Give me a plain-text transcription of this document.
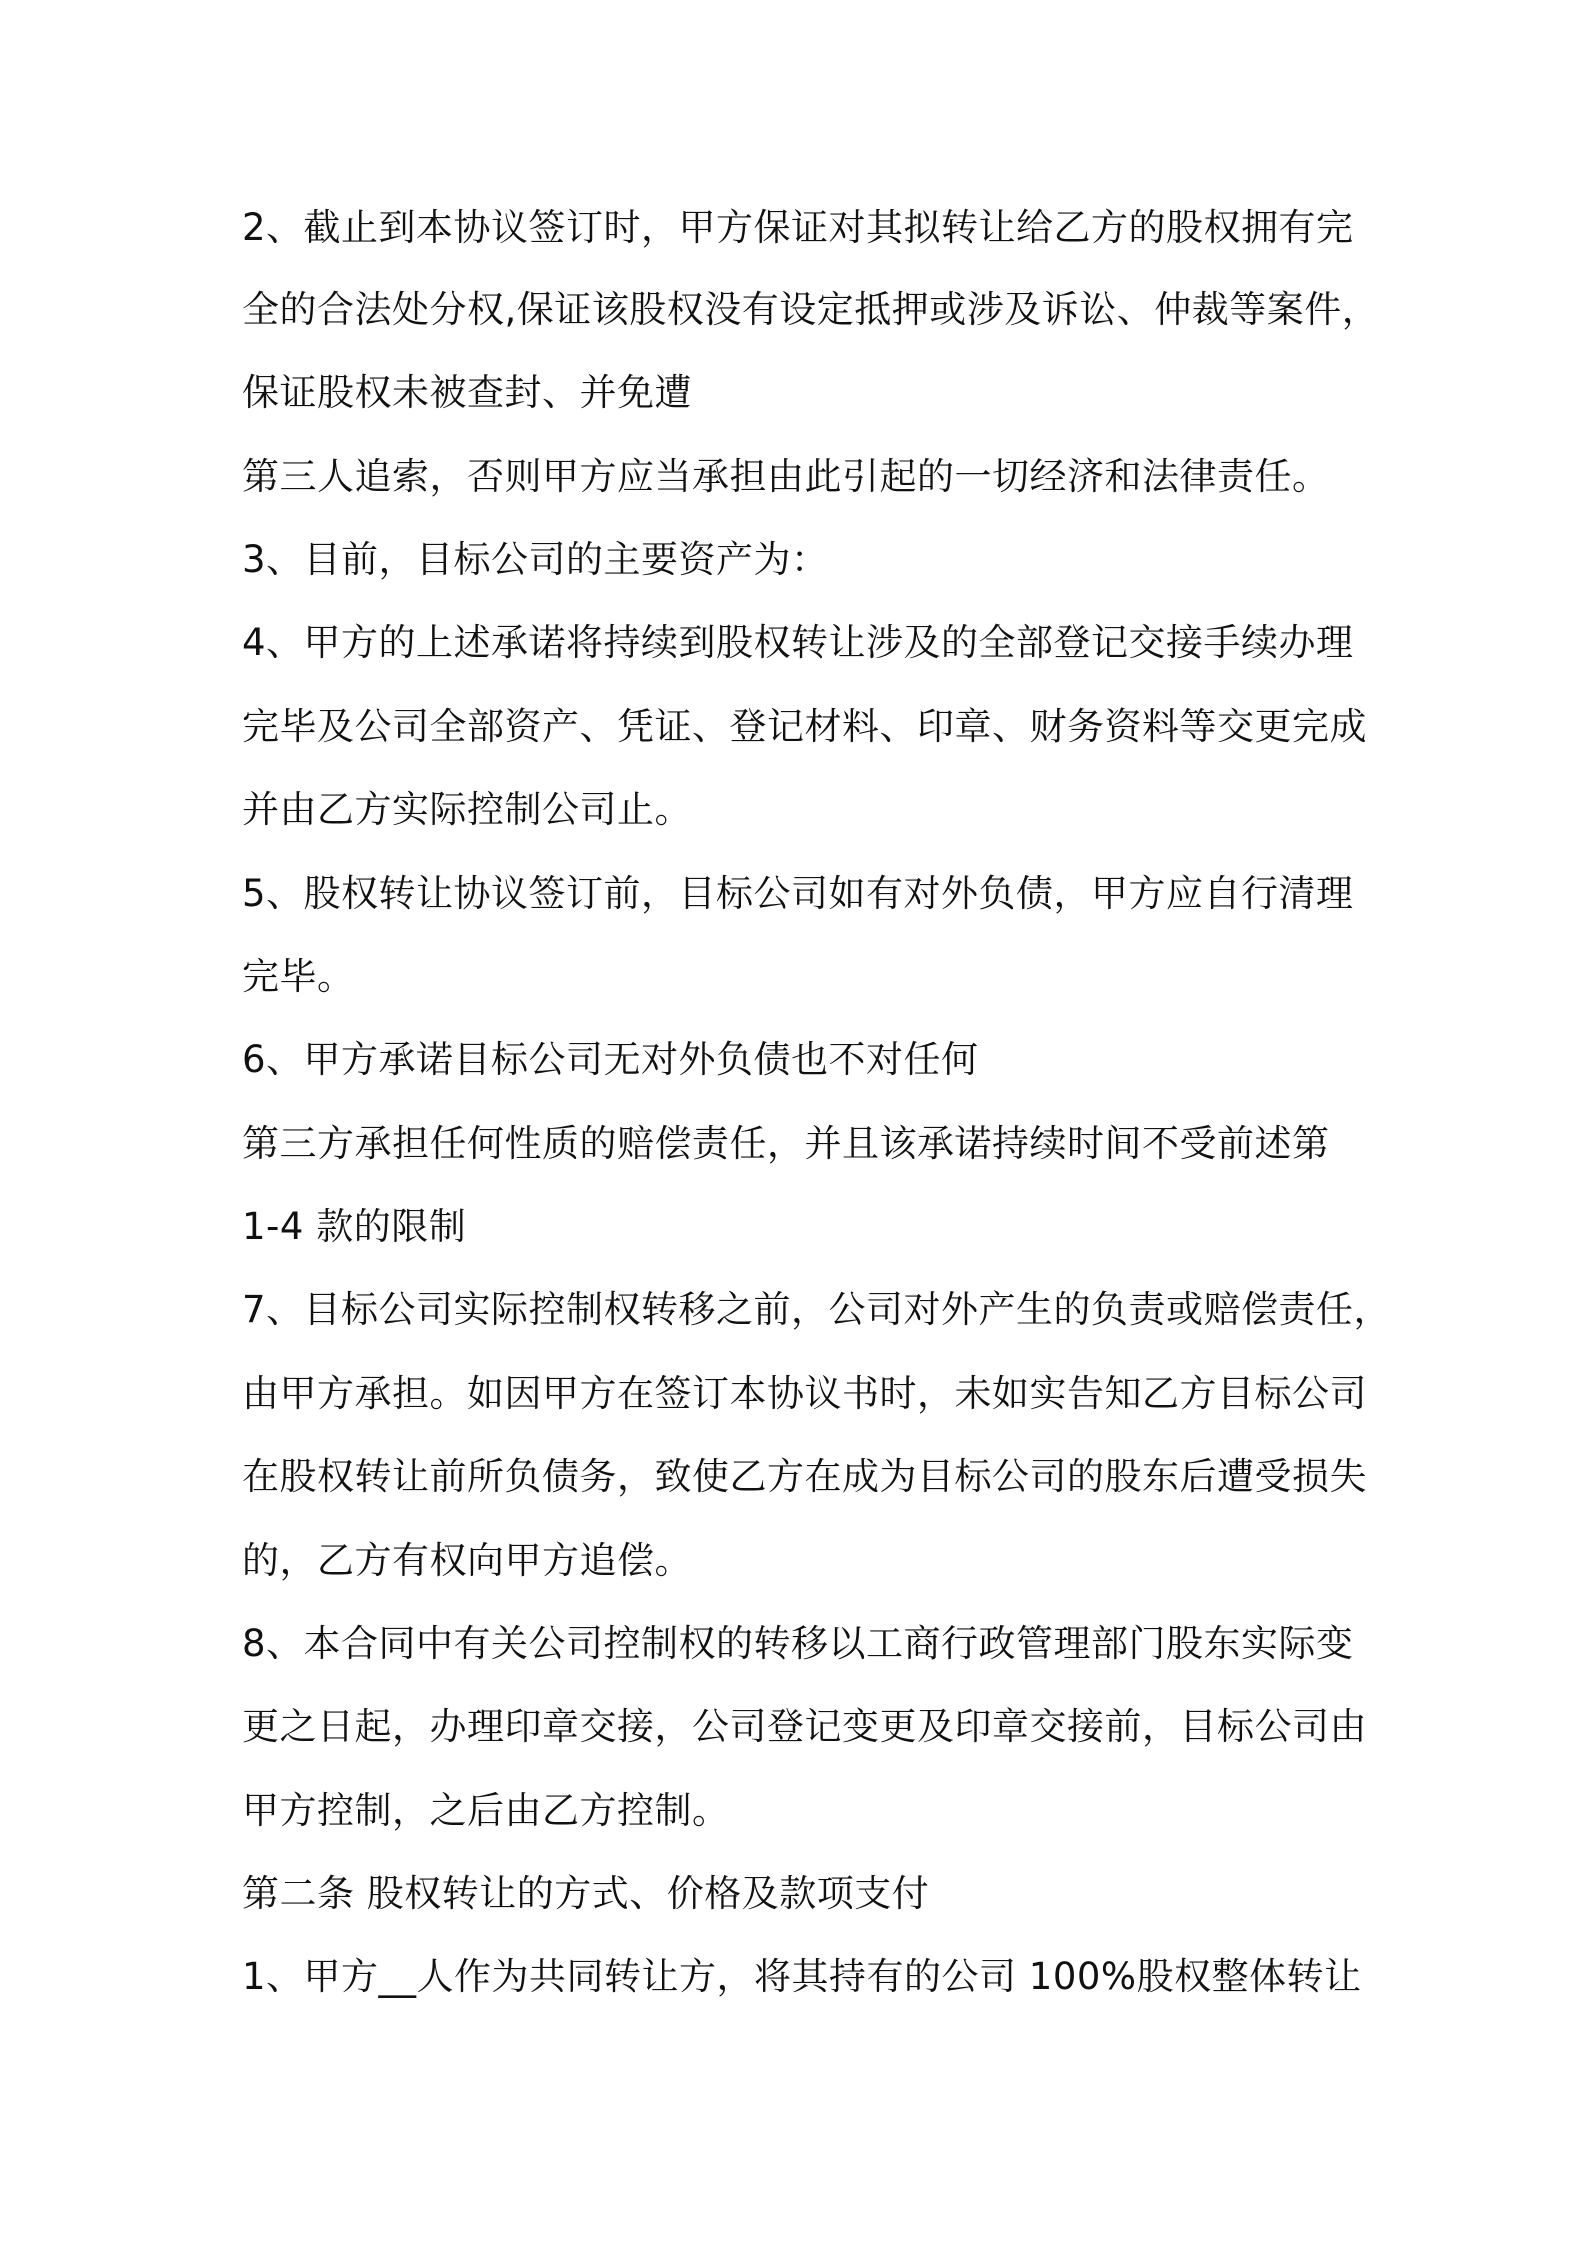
2、截止到本协议签订时，甲方保证对其拟转让给乙方的股权拥有完
全的合法处分权,保证该股权没有设定抵押或涉及诉讼、仲裁等案件，
保证股权未被查封、并免遭
第三人追索，否则甲方应当承担由此引起的一切经济和法律责任。
3、目前，目标公司的主要资产为：
4、甲方的上述承诺将持续到股权转让涉及的全部登记交接手续办理
完毕及公司全部资产、凭证、登记材料、印章、财务资料等交更完成
并由乙方实际控制公司止。
5、股权转让协议签订前，目标公司如有对外负债，甲方应自行清理
完毕。
6、甲方承诺目标公司无对外负债也不对任何
第三方承担任何性质的赔偿责任，并且该承诺持续时间不受前述第
1-4 款的限制
7、目标公司实际控制权转移之前，公司对外产生的负责或赔偿责任，
由甲方承担。如因甲方在签订本协议书时，未如实告知乙方目标公司
在股权转让前所负债务，致使乙方在成为目标公司的股东后遭受损失
的，乙方有权向甲方追偿。
8、本合同中有关公司控制权的转移以工商行政管理部门股东实际变
更之日起，办理印章交接，公司登记变更及印章交接前，目标公司由
甲方控制，之后由乙方控制。
第二条 股权转让的方式、价格及款项支付
1、甲方__人作为共同转让方，将其持有的公司 100%股权整体转让
